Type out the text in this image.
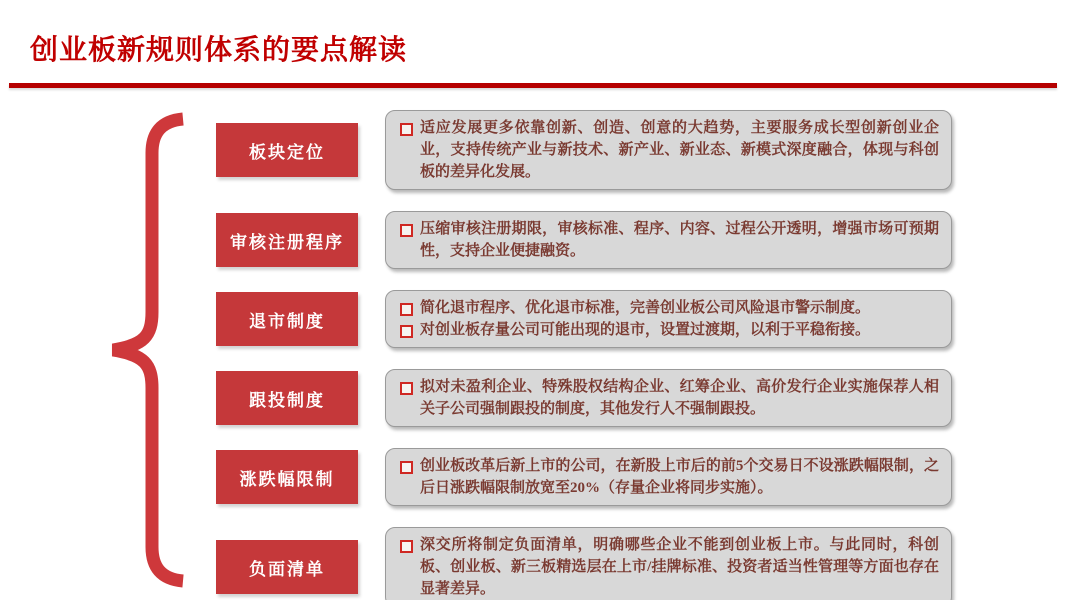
创业板新规则体系的要点解读
板块定位
适应发展更多依靠创新、创造、创意的大趋势，主要服务成长型创新创业企业，支持传统产业与新技术、新产业、新业态、新模式深度融合，体现与科创板的差异化发展。
审核注册程序
压缩审核注册期限，审核标准、程序、内容、过程公开透明，增强市场可预期性，支持企业便捷融资。
退市制度
简化退市程序、优化退市标准，完善创业板公司风险退市警示制度。
对创业板存量公司可能出现的退市，设置过渡期，以利于平稳衔接。
跟投制度
拟对未盈利企业、特殊股权结构企业、红筹企业、高价发行企业实施保荐人相关子公司强制跟投的制度，其他发行人不强制跟投。
涨跌幅限制
创业板改革后新上市的公司，在新股上市后的前5个交易日不设涨跌幅限制，之后日涨跌幅限制放宽至20%（存量企业将同步实施）。
负面清单
深交所将制定负面清单，明确哪些企业不能到创业板上市。与此同时，科创板、创业板、新三板精选层在上市/挂牌标准、投资者适当性管理等方面也存在显著差异。
